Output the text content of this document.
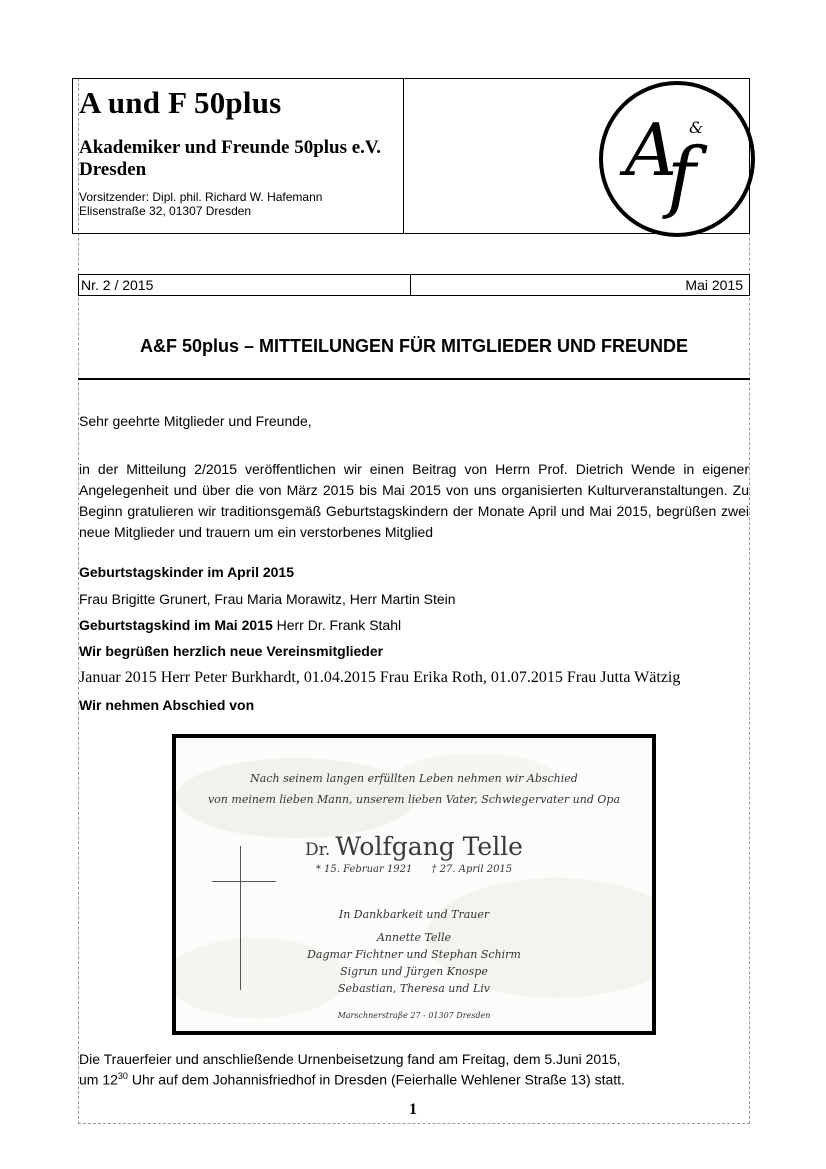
A und F 50plus
Akademiker und Freunde 50plus e.V.
Dresden
Vorsitzender: Dipl. phil. Richard W. Hafemann
Elisenstraße 32, 01307 Dresden
A &
f
Nr. 2 / 2015	Mai 2015
A&F 50plus – MITTEILUNGEN FÜR MITGLIEDER UND FREUNDE
Sehr geehrte Mitglieder und Freunde,

in der Mitteilung 2/2015 veröffentlichen wir einen Beitrag von Herrn Prof. Dietrich Wende in eigener Angelegenheit und über die von März 2015 bis Mai 2015 von uns organisierten Kulturveranstaltungen. Zu Beginn gratulieren wir traditionsgemäß Geburtstagskindern der Monate April und Mai 2015, begrüßen zwei neue Mitglieder und trauern um ein verstorbenes Mitglied

Geburtstagskinder im April 2015
Frau Brigitte Grunert, Frau Maria Morawitz, Herr Martin Stein
Geburtstagskind im Mai 2015 Herr Dr. Frank Stahl
Wir begrüßen herzlich neue Vereinsmitglieder
Januar 2015 Herr Peter Burkhardt, 01.04.2015 Frau Erika Roth, 01.07.2015 Frau Jutta Wätzig
Wir nehmen Abschied von
Nach seinem langen erfüllten Leben nehmen wir Abschied
von meinem lieben Mann, unserem lieben Vater, Schwiegervater und Opa
Dr. Wolfgang Telle
* 15. Februar 1921 † 27. April 2015
In Dankbarkeit und Trauer
Annette Telle
Dagmar Fichtner und Stephan Schirm
Sigrun und Jürgen Knospe
Sebastian, Theresa und Liv
Marschnerstraße 27 - 01307 Dresden
Die Trauerfeier und anschließende Urnenbeisetzung fand am Freitag, dem 5.Juni 2015,
um $12^{30}$ Uhr auf dem Johannisfriedhof in Dresden (Feierhalle Wehlener Straße 13) statt.
1
